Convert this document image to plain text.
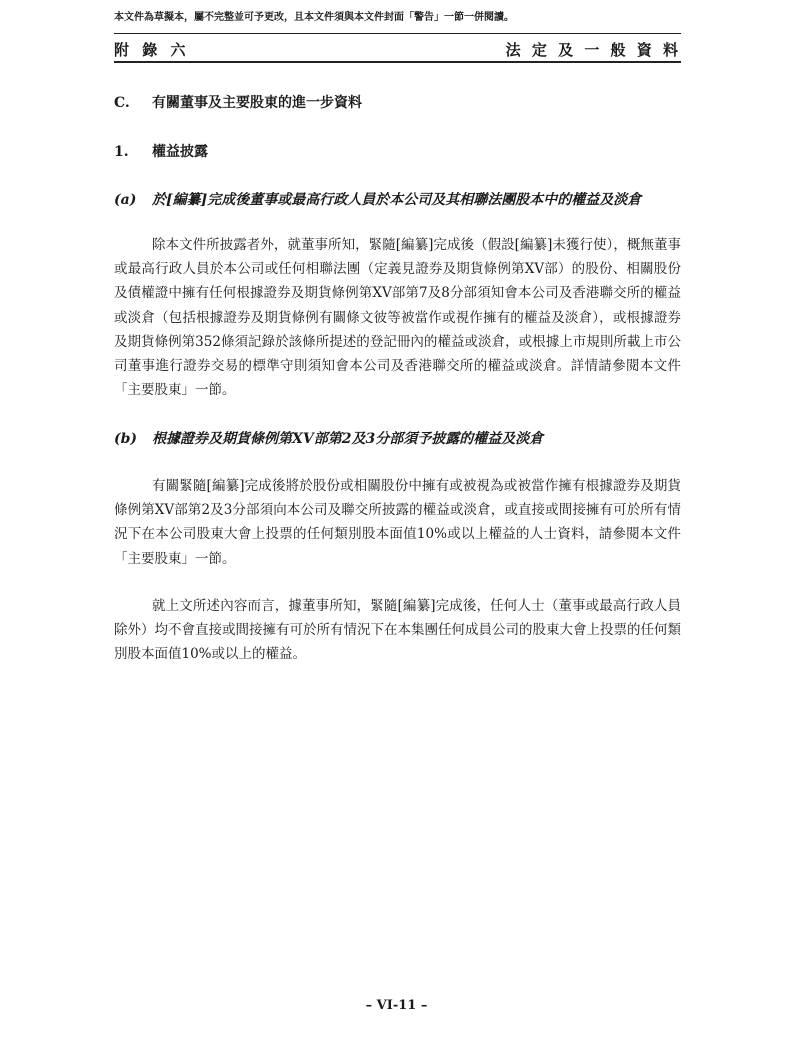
本文件為草擬本，屬不完整並可予更改，且本文件須與本文件封面「警告」一節一併閱讀。
附 錄 六	法 定 及 一 般 資 料
C. 有關董事及主要股東的進一步資料
1. 權益披露
(a) 於[編纂]完成後董事或最高行政人員於本公司及其相聯法團股本中的權益及淡倉
除本文件所披露者外，就董事所知，緊隨[編纂]完成後（假設[編纂]未獲行使），概無董事或最高行政人員於本公司或任何相聯法團（定義見證券及期貨條例第XV部）的股份、相關股份及債權證中擁有任何根據證券及期貨條例第XV部第7及8分部須知會本公司及香港聯交所的權益或淡倉（包括根據證券及期貨條例有關條文彼等被當作或視作擁有的權益及淡倉），或根據證券及期貨條例第352條須記錄於該條所提述的登記冊內的權益或淡倉，或根據上市規則所載上市公司董事進行證券交易的標準守則須知會本公司及香港聯交所的權益或淡倉。詳情請參閱本文件「主要股東」一節。
(b) 根據證券及期貨條例第XV部第2及3分部須予披露的權益及淡倉
有關緊隨[編纂]完成後將於股份或相關股份中擁有或被視為或被當作擁有根據證券及期貨條例第XV部第2及3分部須向本公司及聯交所披露的權益或淡倉，或直接或間接擁有可於所有情況下在本公司股東大會上投票的任何類別股本面值10%或以上權益的人士資料，請參閱本文件「主要股東」一節。
就上文所述內容而言，據董事所知，緊隨[編纂]完成後，任何人士（董事或最高行政人員除外）均不會直接或間接擁有可於所有情況下在本集團任何成員公司的股東大會上投票的任何類別股本面值10%或以上的權益。
– VI-11 –
